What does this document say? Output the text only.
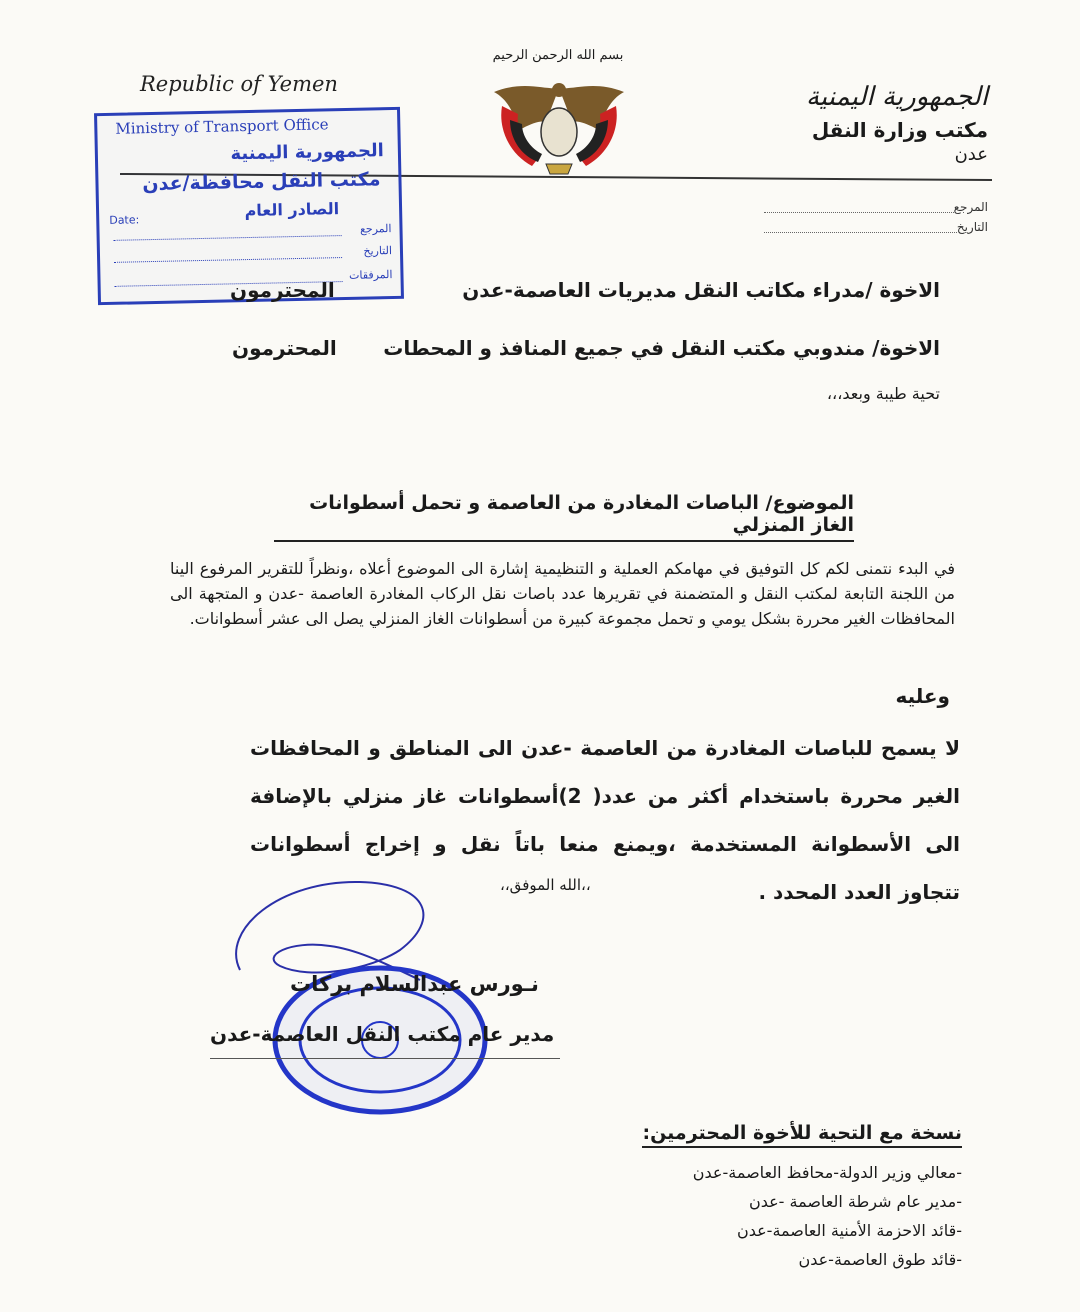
Republic of Yemen	الجمهورية اليمنية
مكتب وزارة النقل
عدن
بسم الله الرحمن الرحيم
المرجع
التاريخ
Ministry of Transport Office
الجمهورية اليمنية
مكتب النقل محافظة/عدن
الصادر العام
Date:
المرجع
التاريخ
المرفقات
الاخوة /مدراء مكاتب النقل مديريات العاصمة-عدن
المحترمون
الاخوة/ مندوبي مكتب النقل في جميع المنافذ و المحطات
المحترمون
تحية طيبة وبعد،،،
الموضوع/ الباصات المغادرة من العاصمة و تحمل أسطوانات الغاز المنزلي

في البدء نتمنى لكم كل التوفيق في مهامكم العملية و التنظيمية إشارة الى الموضوع أعلاه ،ونظراً للتقرير المرفوع الينا من اللجنة التابعة لمكتب النقل و المتضمنة في تقريرها عدد باصات نقل الركاب المغادرة العاصمة -عدن و المتجهة الى المحافظات الغير محررة بشكل يومي و تحمل مجموعة كبيرة من أسطوانات الغاز المنزلي يصل الى عشر أسطوانات.

وعليه
لا يسمح للباصات المغادرة من العاصمة -عدن الى المناطق و المحافظات الغير محررة باستخدام أكثر من عدد( 2)أسطوانات غاز منزلي بالإضافة الى الأسطوانة المستخدمة ،ويمنع منعا باتاً نقل و إخراج أسطوانات تتجاوز العدد المحدد .
،،الله الموفق،،
نـورس عبدالسلام بركات
مدير عام مكتب النقل العاصمة-عدن
نسخة مع التحية للأخوة المحترمين:
-معالي وزير الدولة-محافظ العاصمة-عدن
-مدير عام شرطة العاصمة -عدن
-قائد الاحزمة الأمنية العاصمة-عدن
-قائد طوق العاصمة-عدن
